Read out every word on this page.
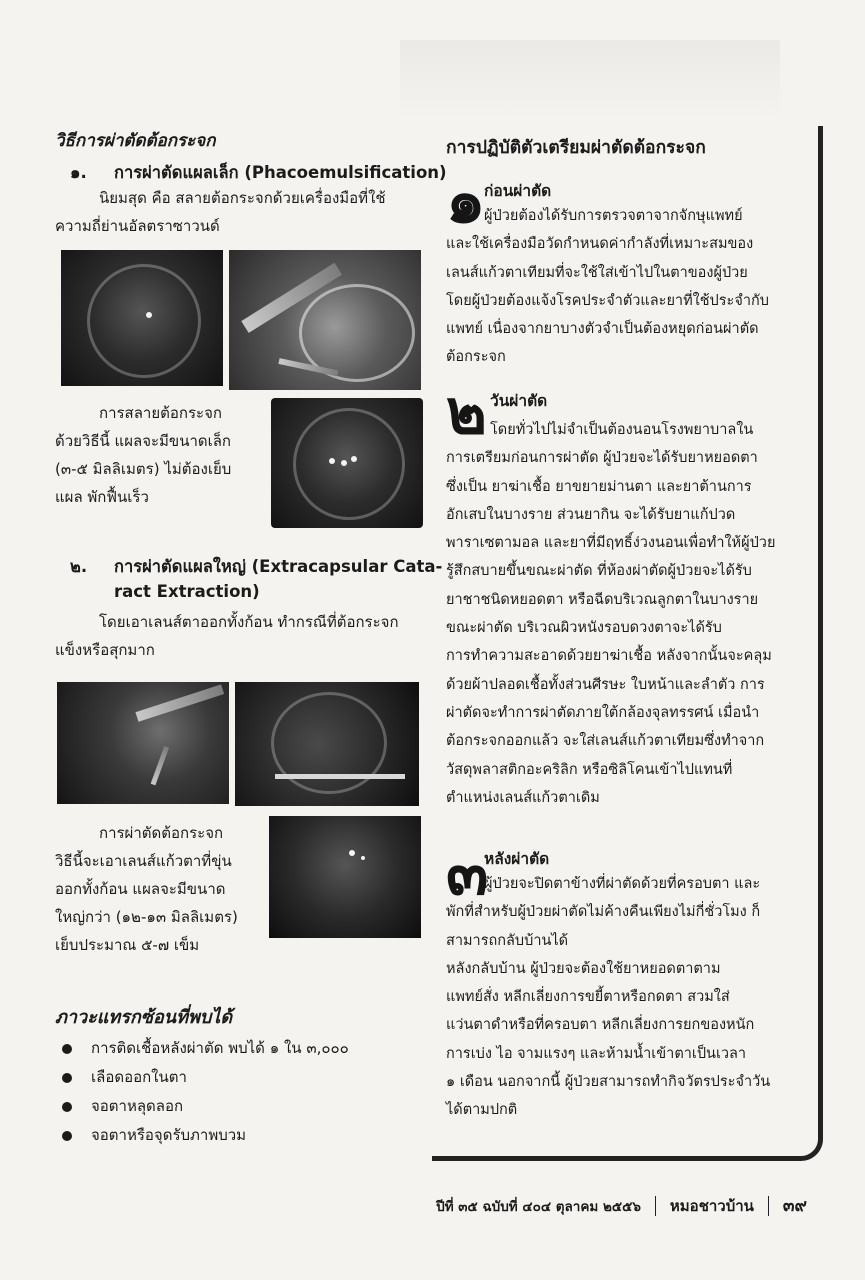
วิธีการผ่าตัดต้อกระจก
๑. การผ่าตัดแผลเล็ก (Phacoemulsification)

นิยมสุด คือ สลายต้อกระจกด้วยเครื่องมือที่ใช้
ความถี่ย่านอัลตราซาวนด์

การสลายต้อกระจก
ด้วยวิธีนี้ แผลจะมีขนาดเล็ก
(๓-๕ มิลลิเมตร) ไม่ต้องเย็บ
แผล พักฟื้นเร็ว

๒. การผ่าตัดแผลใหญ่ (Extracapsular Cata-
ract Extraction)

โดยเอาเลนส์ตาออกทั้งก้อน ทำกรณีที่ต้อกระจก
แข็งหรือสุกมาก

การผ่าตัดต้อกระจก
วิธีนี้จะเอาเลนส์แก้วตาที่ขุ่น
ออกทั้งก้อน แผลจะมีขนาด
ใหญ่กว่า (๑๒-๑๓ มิลลิเมตร)
เย็บประมาณ ๕-๗ เข็ม

ภาวะแทรกซ้อนที่พบได้
การติดเชื้อหลังผ่าตัด พบได้ ๑ ใน ๓,๐๐๐
เลือดออกในตา
จอตาหลุดลอก
จอตาหรือจุดรับภาพบวม
การปฏิบัติตัวเตรียมผ่าตัดต้อกระจก
๑
ก่อนผ่าตัด

ผู้ป่วยต้องได้รับการตรวจตาจากจักษุแพทย์
และใช้เครื่องมือวัดกำหนดค่ากำลังที่เหมาะสมของ
เลนส์แก้วตาเทียมที่จะใช้ใส่เข้าไปในตาของผู้ป่วย
โดยผู้ป่วยต้องแจ้งโรคประจำตัวและยาที่ใช้ประจำกับ
แพทย์ เนื่องจากยาบางตัวจำเป็นต้องหยุดก่อนผ่าตัด
ต้อกระจก

๒ วันผ่าตัด

โดยทั่วไปไม่จำเป็นต้องนอนโรงพยาบาลใน
การเตรียมก่อนการผ่าตัด ผู้ป่วยจะได้รับยาหยอดตา
ซึ่งเป็น ยาฆ่าเชื้อ ยาขยายม่านตา และยาต้านการ
อักเสบในบางราย ส่วนยากิน จะได้รับยาแก้ปวด
พาราเซตามอล และยาที่มีฤทธิ์ง่วงนอนเพื่อทำให้ผู้ป่วย
รู้สึกสบายขึ้นขณะผ่าตัด ที่ห้องผ่าตัดผู้ป่วยจะได้รับ
ยาชาชนิดหยอดตา หรือฉีดบริเวณลูกตาในบางราย
ขณะผ่าตัด บริเวณผิวหนังรอบดวงตาจะได้รับ
การทำความสะอาดด้วยยาฆ่าเชื้อ หลังจากนั้นจะคลุม
ด้วยผ้าปลอดเชื้อทั้งส่วนศีรษะ ใบหน้าและลำตัว การ
ผ่าตัดจะทำการผ่าตัดภายใต้กล้องจุลทรรศน์ เมื่อนำ
ต้อกระจกออกแล้ว จะใส่เลนส์แก้วตาเทียมซึ่งทำจาก
วัสดุพลาสติกอะคริลิก หรือซิลิโคนเข้าไปแทนที่
ตำแหน่งเลนส์แก้วตาเดิม

๓
หลังผ่าตัด

ผู้ป่วยจะปิดตาข้างที่ผ่าตัดด้วยที่ครอบตา และ
พักที่สำหรับผู้ป่วยผ่าตัดไม่ค้างคืนเพียงไม่กี่ชั่วโมง ก็
สามารถกลับบ้านได้
หลังกลับบ้าน ผู้ป่วยจะต้องใช้ยาหยอดตาตาม
แพทย์สั่ง หลีกเลี่ยงการขยี้ตาหรือกดตา สวมใส่
แว่นตาดำหรือที่ครอบตา หลีกเลี่ยงการยกของหนัก
การเบ่ง ไอ จามแรงๆ และห้ามน้ำเข้าตาเป็นเวลา
๑ เดือน นอกจากนี้ ผู้ป่วยสามารถทำกิจวัตรประจำวัน
ได้ตามปกติ

ปีที่ ๓๕ ฉบับที่ ๔๐๔ ตุลาคม ๒๕๕๖ หมอชาวบ้าน ๓๙
